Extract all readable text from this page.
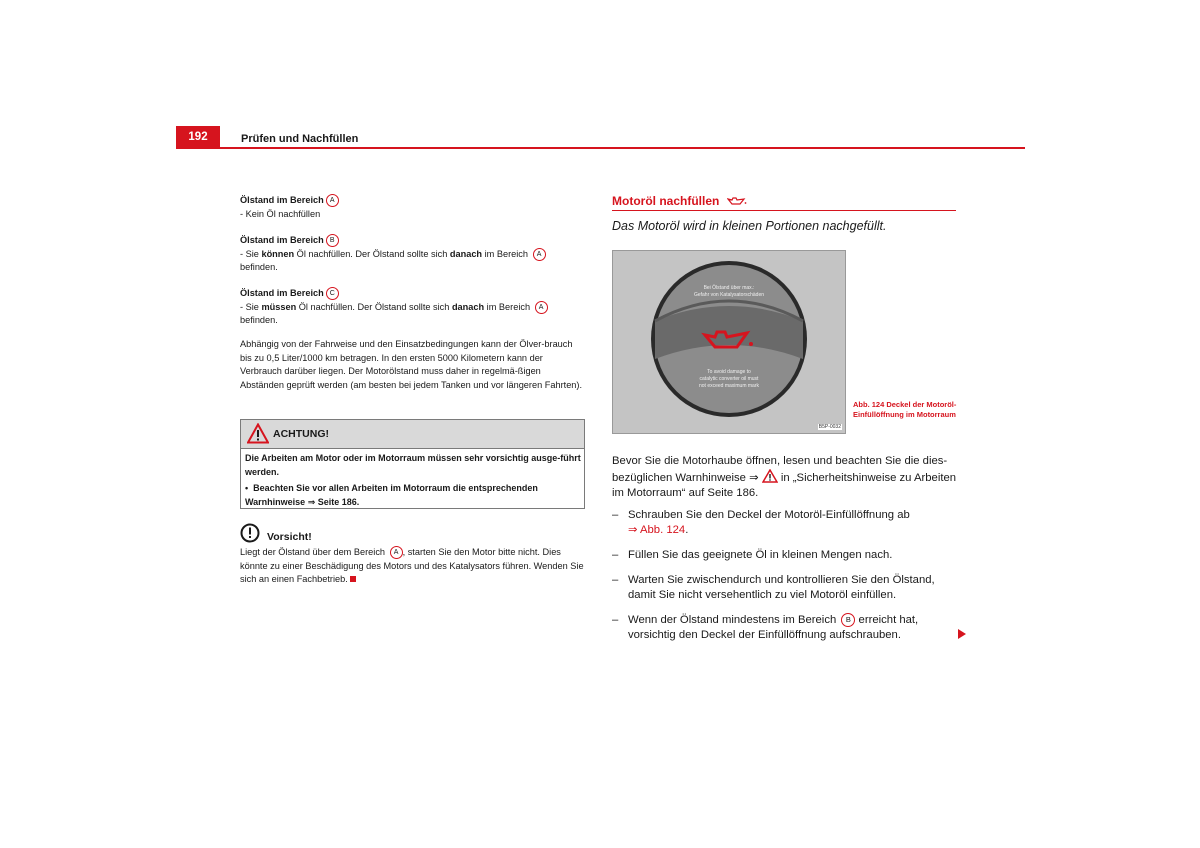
192	Prüfen und Nachfüllen

Ölstand im Bereich A

- Kein Öl nachfüllen

Ölstand im Bereich B

- Sie können Öl nachfüllen. Der Ölstand sollte sich danach im Bereich A
befinden.

Ölstand im Bereich C

- Sie müssen Öl nachfüllen. Der Ölstand sollte sich danach im Bereich A
befinden.

Abhängig von der Fahrweise und den Einsatzbedingungen kann der Ölver-brauch bis zu 0,5 Liter/1000 km betragen. In den ersten 5000 Kilometern kann der Verbrauch darüber liegen. Der Motorölstand muss daher in regelmä-ßigen Abständen geprüft werden (am besten bei jedem Tanken und vor längeren Fahrten).
ACHTUNG!

Die Arbeiten am Motor oder im Motorraum müssen sehr vorsichtig ausge-führt werden.

• Beachten Sie vor allen Arbeiten im Motorraum die entsprechenden Warnhinweise ⇒ Seite 186.

Vorsicht!
Liegt der Ölstand über dem Bereich A , starten Sie den Motor bitte nicht. Dies könnte zu einer Beschädigung des Motors und des Katalysators führen. Wenden Sie sich an einen Fachbetrieb.
Motoröl nachfüllen
Das Motoröl wird in kleinen Portionen nachgefüllt.
Bei Ölstand über max.:
Gefahr von Katalysatorschäden
To avoid damage to
catalytic converter oil must
not exceed maximum mark
B5P-0032
Abb. 124 Deckel der Motoröl-Einfüllöffnung im Motorraum
Bevor Sie die Motorhaube öffnen, lesen und beachten Sie die dies-bezüglichen Warnhinweise ⇒  in „Sicherheitshinweise zu Arbeiten im Motorraum“ auf Seite 186.
– Schrauben Sie den Deckel der Motoröl-Einfüllöffnung ab
⇒ Abb. 124.
– Füllen Sie das geeignete Öl in kleinen Mengen nach.
– Warten Sie zwischendurch und kontrollieren Sie den Ölstand, damit Sie nicht versehentlich zu viel Motoröl einfüllen.
– Wenn der Ölstand mindestens im Bereich B erreicht hat, vorsichtig den Deckel der Einfüllöffnung aufschrauben.
